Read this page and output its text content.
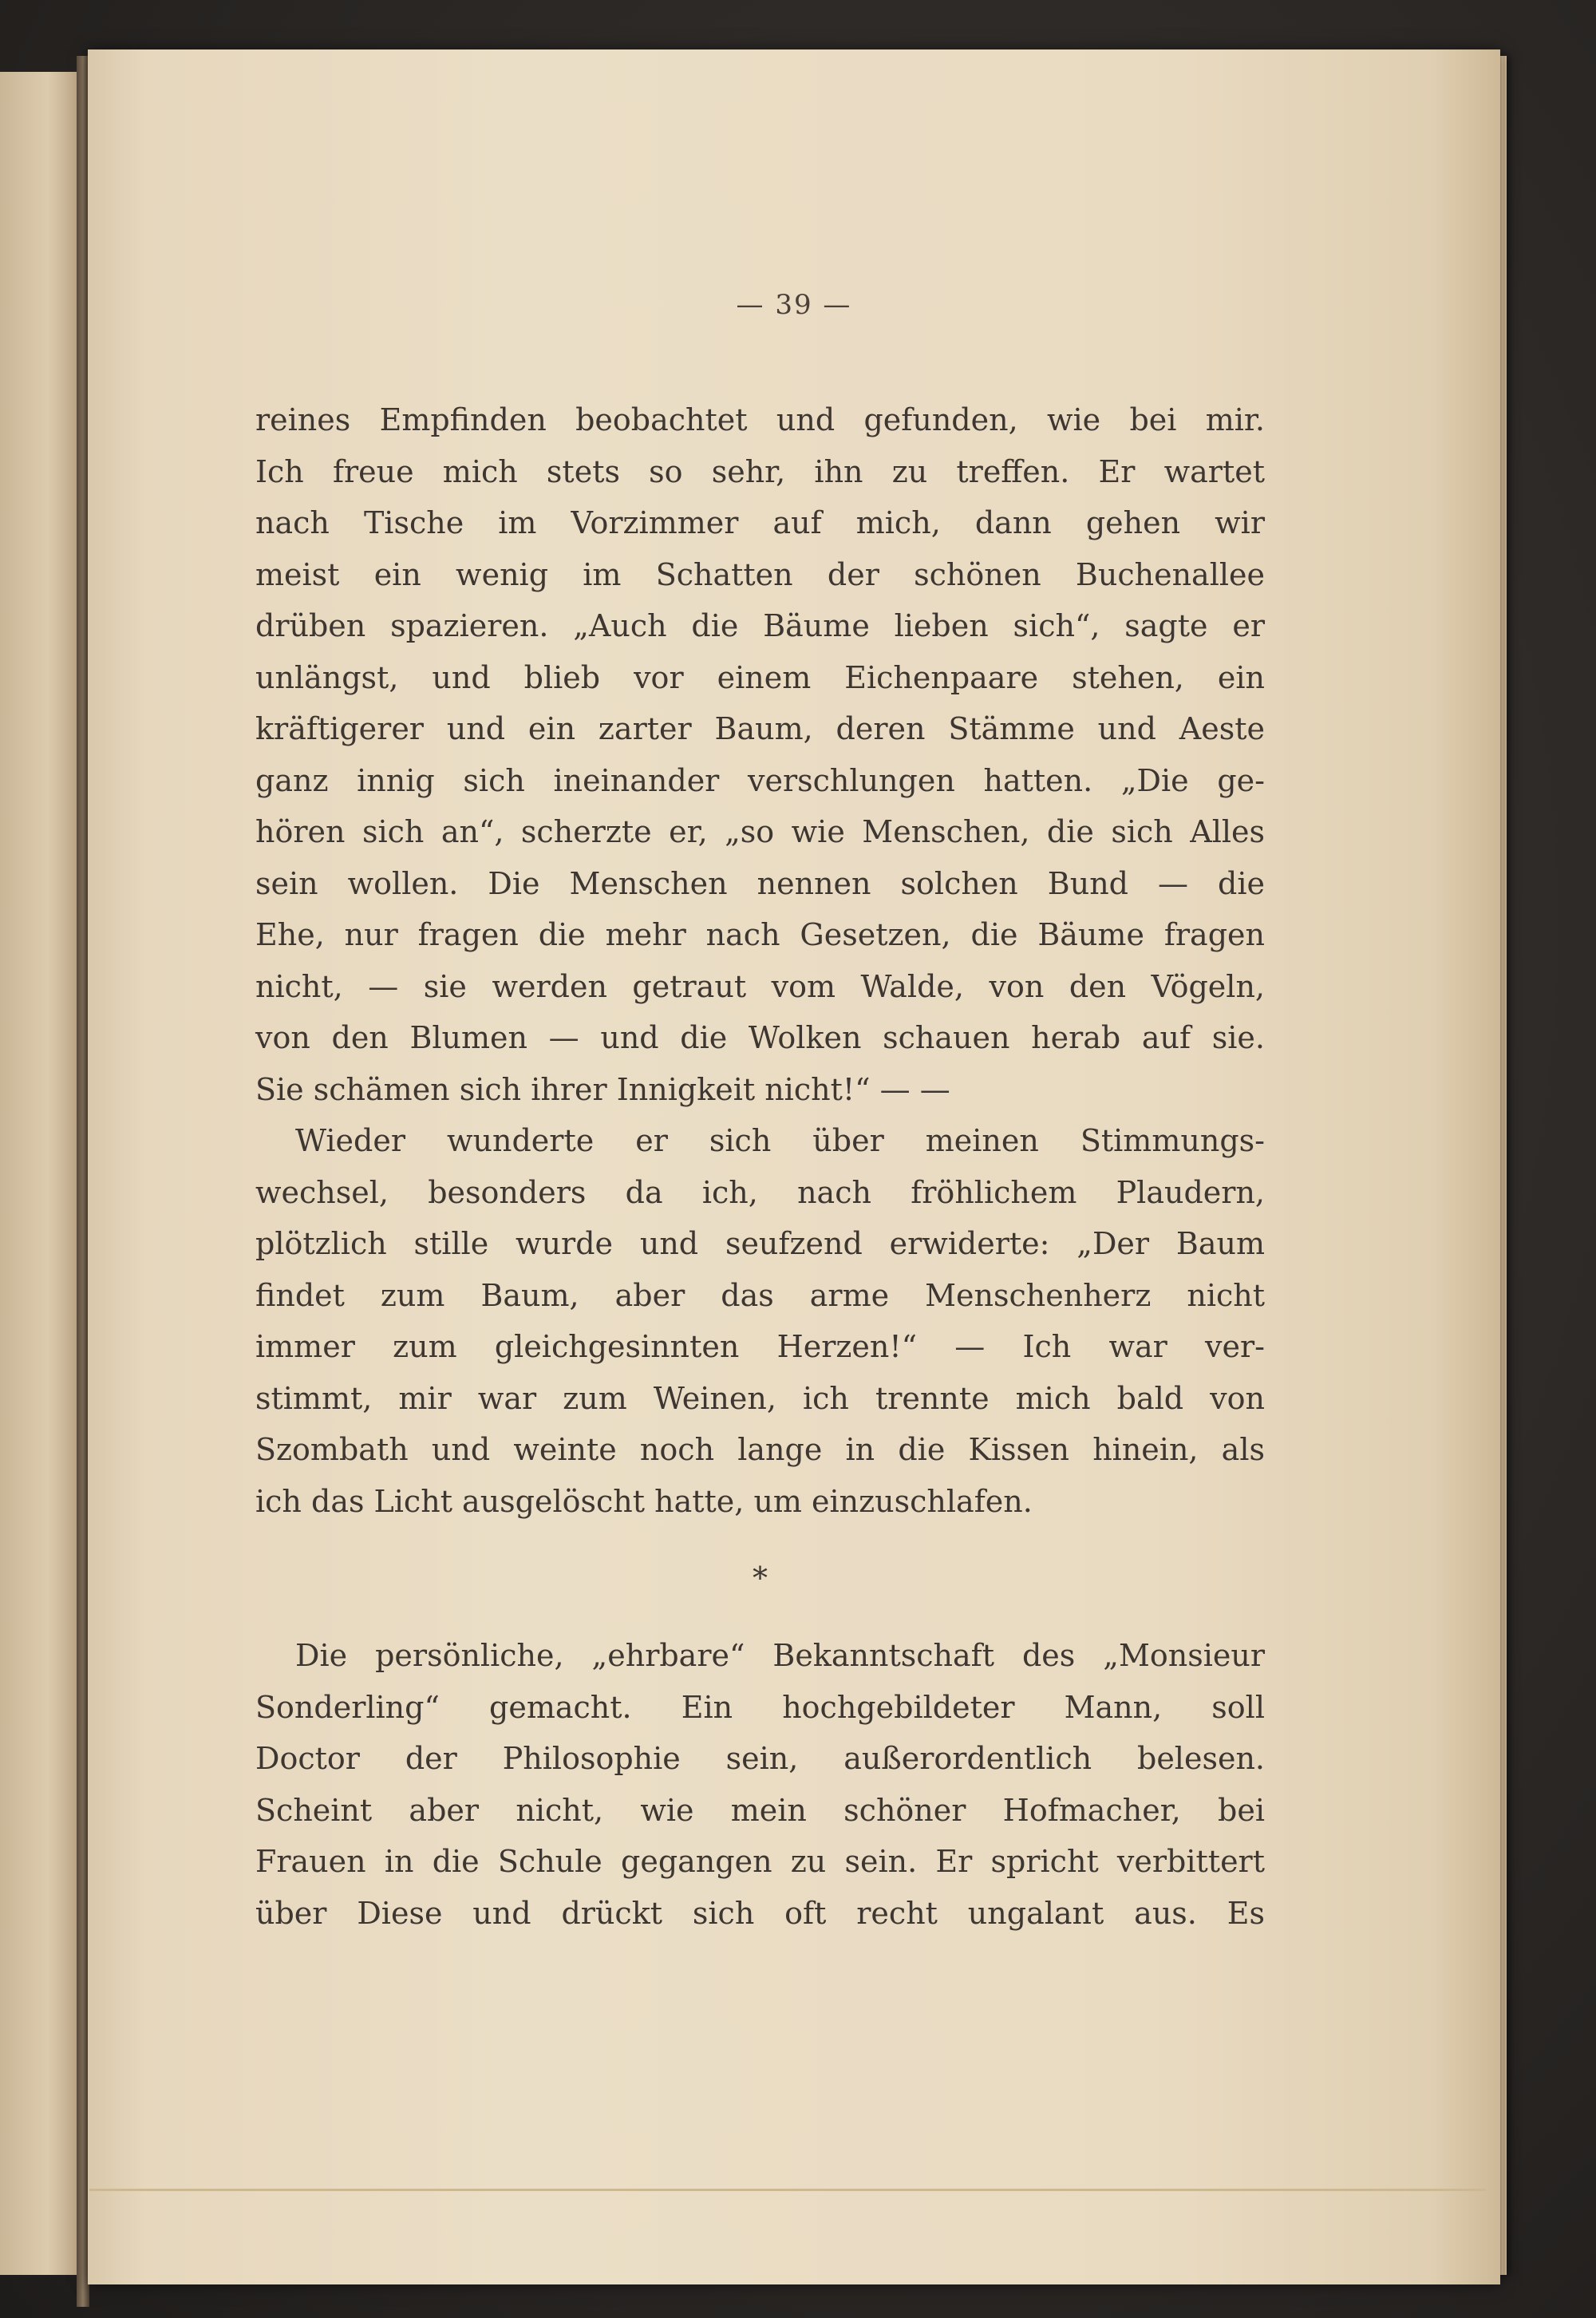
— 39 —
reines Empfinden beobachtet und gefunden, wie bei mir.
Ich freue mich stets so sehr, ihn zu treffen. Er wartet
nach Tische im Vorzimmer auf mich, dann gehen wir
meist ein wenig im Schatten der schönen Buchenallee
drüben spazieren. „Auch die Bäume lieben sich“, sagte er
unlängst, und blieb vor einem Eichenpaare stehen, ein
kräftigerer und ein zarter Baum, deren Stämme und Aeste
ganz innig sich ineinander verschlungen hatten. „Die ge-
hören sich an“, scherzte er, „so wie Menschen, die sich Alles
sein wollen. Die Menschen nennen solchen Bund — die
Ehe, nur fragen die mehr nach Gesetzen, die Bäume fragen
nicht, — sie werden getraut vom Walde, von den Vögeln,
von den Blumen — und die Wolken schauen herab auf sie.
Sie schämen sich ihrer Innigkeit nicht!“ — —
Wieder wunderte er sich über meinen Stimmungs-
wechsel, besonders da ich, nach fröhlichem Plaudern,
plötzlich stille wurde und seufzend erwiderte: „Der Baum
findet zum Baum, aber das arme Menschenherz nicht
immer zum gleichgesinnten Herzen!“ — Ich war ver-
stimmt, mir war zum Weinen, ich trennte mich bald von
Szombath und weinte noch lange in die Kissen hinein, als
ich das Licht ausgelöscht hatte, um einzuschlafen.
*
Die persönliche, „ehrbare“ Bekanntschaft des „Monsieur
Sonderling“ gemacht. Ein hochgebildeter Mann, soll
Doctor der Philosophie sein, außerordentlich belesen.
Scheint aber nicht, wie mein schöner Hofmacher, bei
Frauen in die Schule gegangen zu sein. Er spricht verbittert
über Diese und drückt sich oft recht ungalant aus. Es
